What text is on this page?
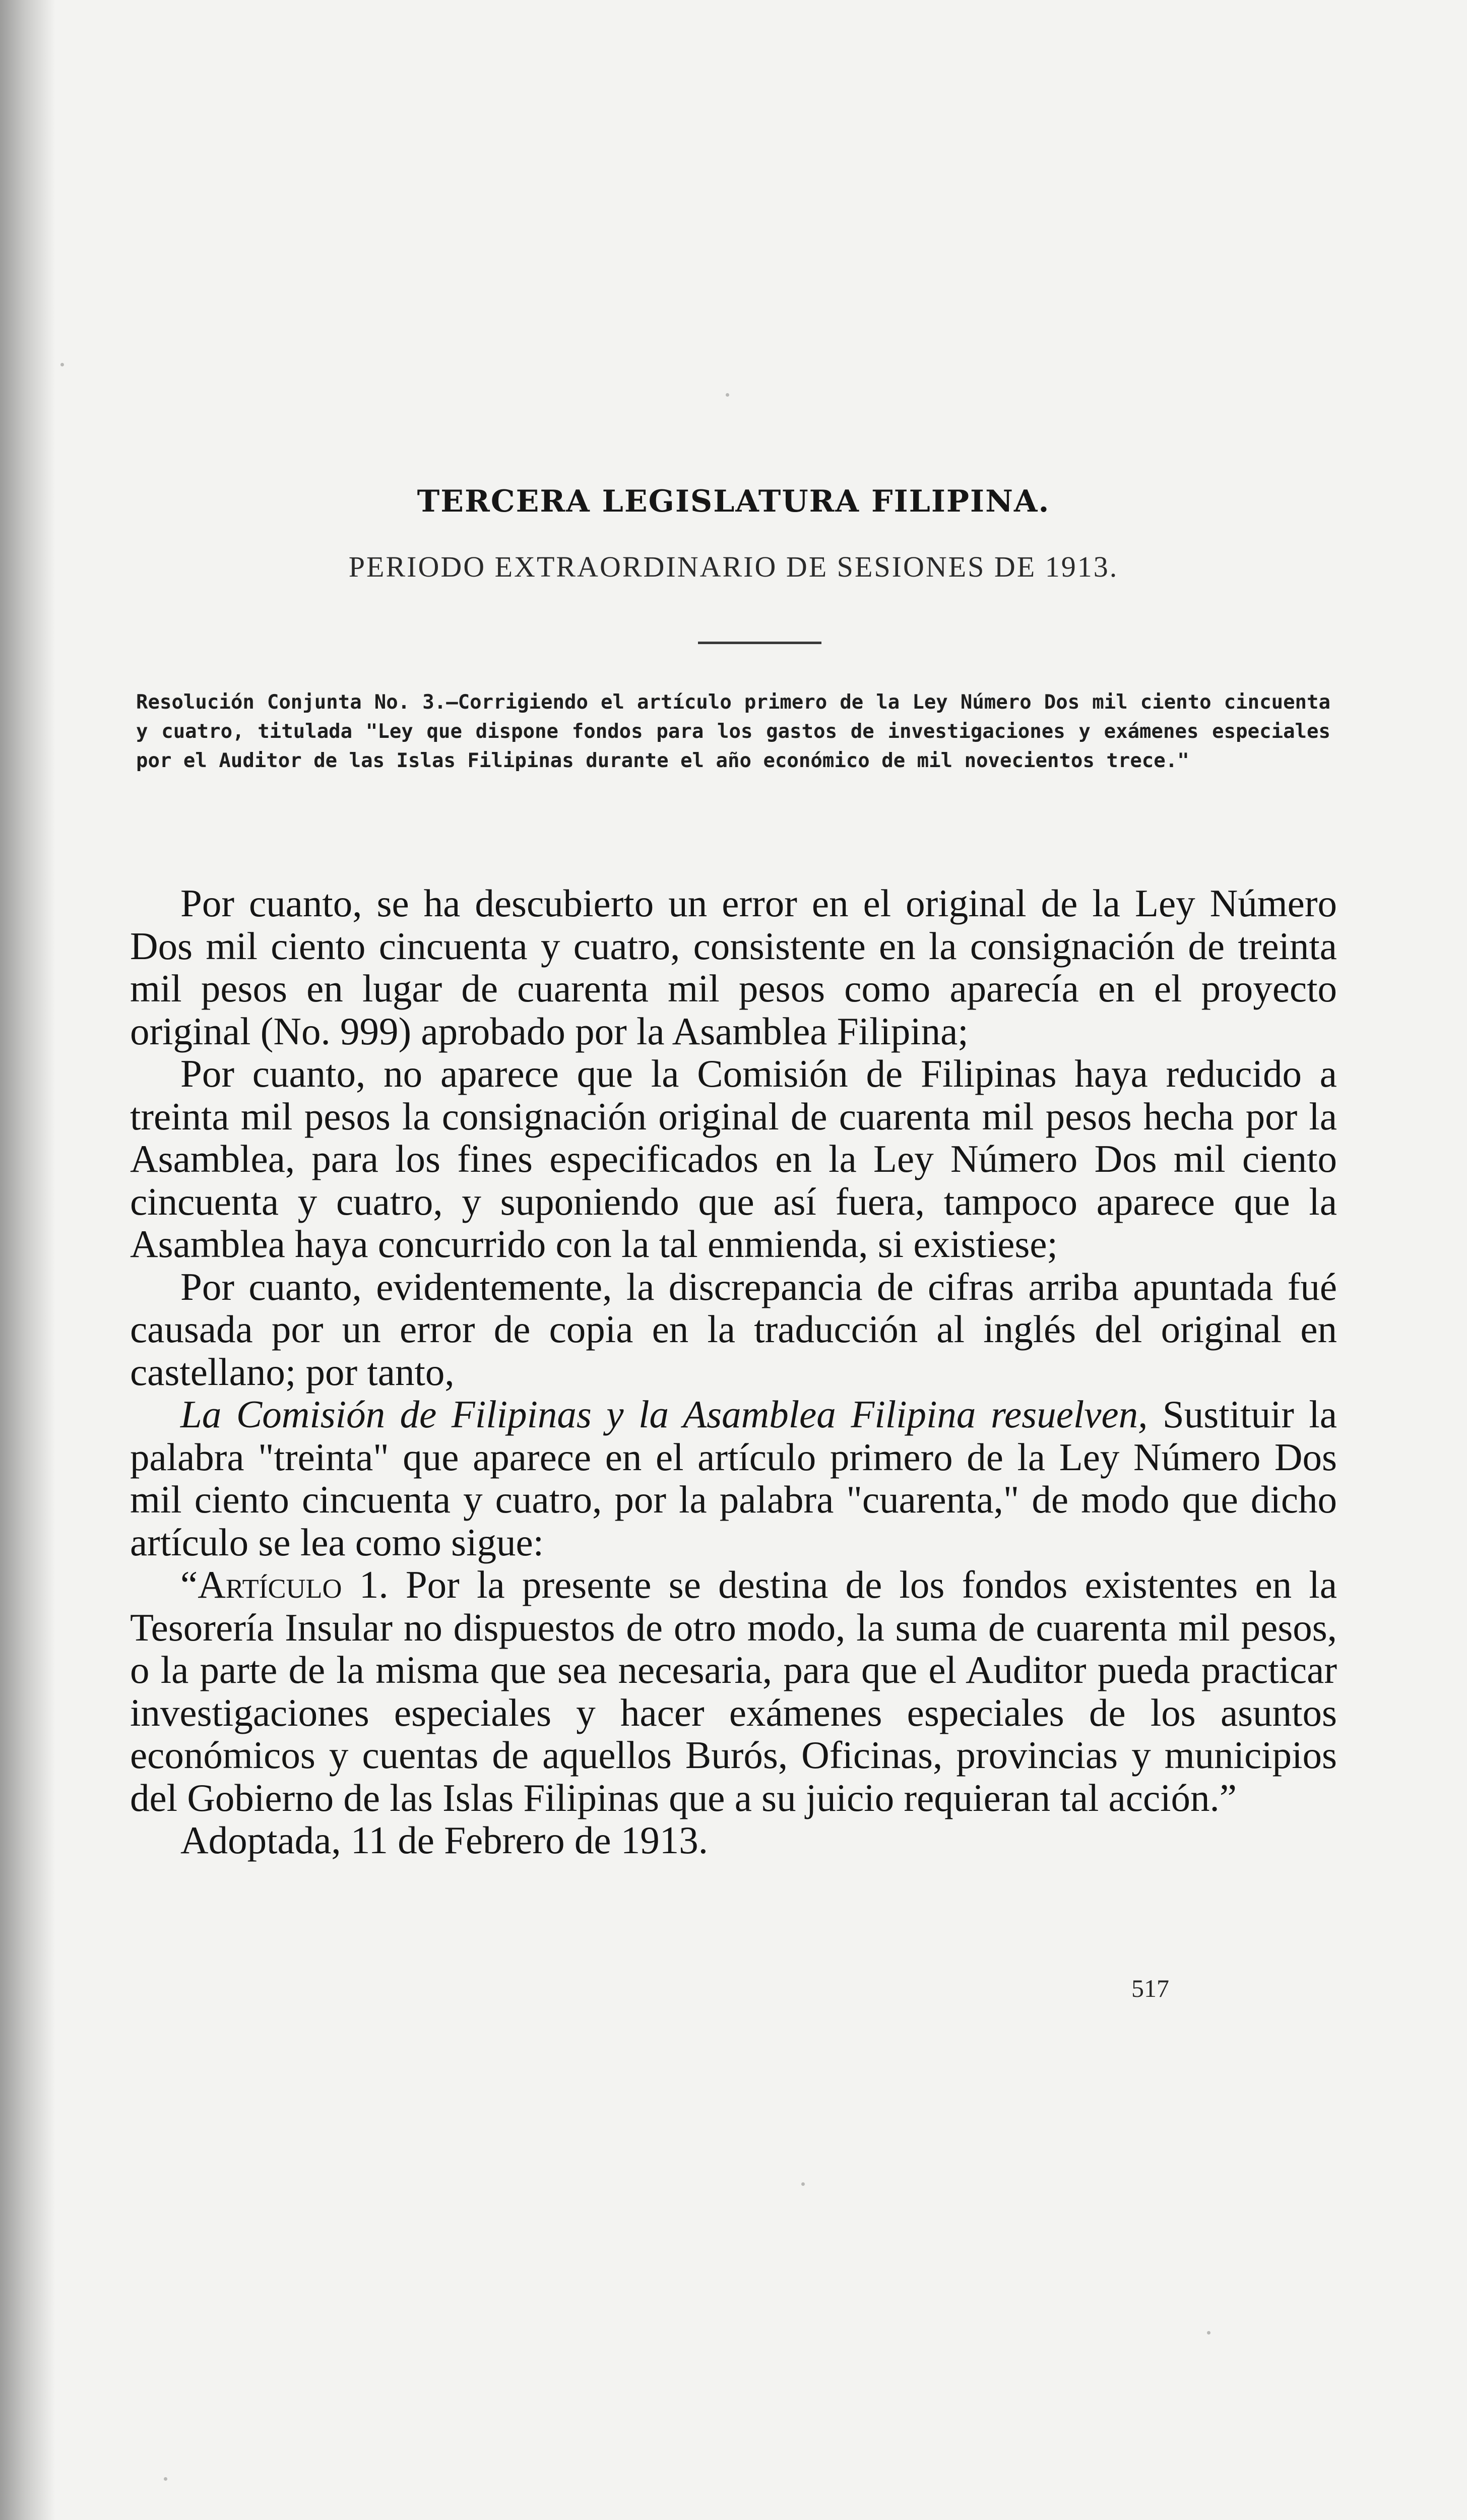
TERCERA LEGISLATURA FILIPINA.
PERIODO EXTRAORDINARIO DE SESIONES DE 1913.

Resolución Conjunta No. 3.—Corrigiendo el artículo primero de la Ley Número Dos mil ciento cincuenta y cuatro, titulada "Ley que dispone fondos para los gastos de investigaciones y exámenes especiales por el Auditor de las Islas Filipinas durante el año económico de mil novecientos trece."

Por cuanto, se ha descubierto un error en el original de la Ley Número Dos mil ciento cincuenta y cuatro, consistente en la consignación de treinta mil pesos en lugar de cuarenta mil pesos como aparecía en el proyecto original (No. 999) aprobado por la Asamblea Filipina;

Por cuanto, no aparece que la Comisión de Filipinas haya reducido a treinta mil pesos la consignación original de cuarenta mil pesos hecha por la Asamblea, para los fines especificados en la Ley Número Dos mil ciento cincuenta y cuatro, y suponiendo que así fuera, tampoco aparece que la Asamblea haya concurrido con la tal enmienda, si existiese;

Por cuanto, evidentemente, la discrepancia de cifras arriba apuntada fué causada por un error de copia en la traducción al inglés del original en castellano; por tanto,

La Comisión de Filipinas y la Asamblea Filipina resuelven, Sustituir la palabra "treinta" que aparece en el artículo primero de la Ley Número Dos mil ciento cincuenta y cuatro, por la palabra "cuarenta," de modo que dicho artículo se lea como sigue:

“Artículo 1. Por la presente se destina de los fondos existentes en la Tesorería Insular no dispuestos de otro modo, la suma de cuarenta mil pesos, o la parte de la misma que sea necesaria, para que el Auditor pueda practicar investigaciones especiales y hacer exámenes especiales de los asuntos económicos y cuentas de aquellos Burós, Oficinas, provincias y municipios del Gobierno de las Islas Filipinas que a su juicio requieran tal acción.”

Adoptada, 11 de Febrero de 1913.

517
